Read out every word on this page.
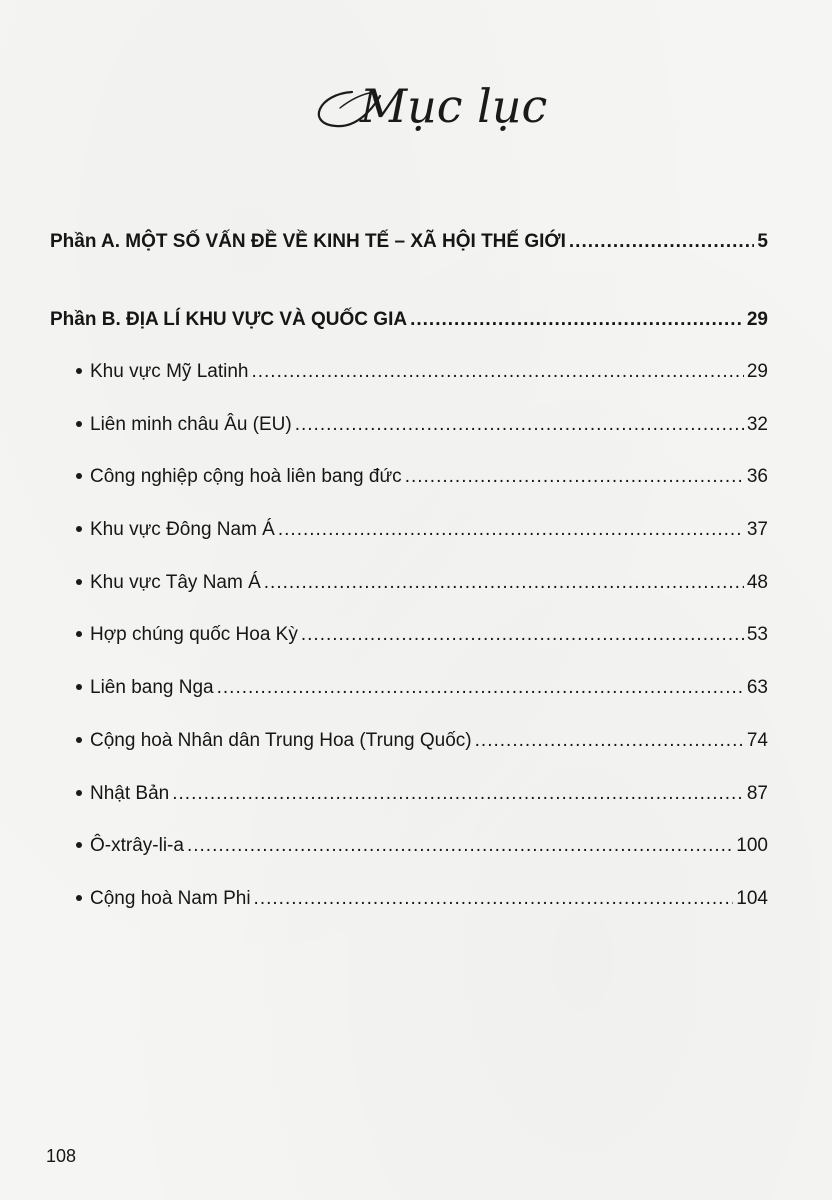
Mục lục
Phần A. MỘT SỐ VẤN ĐỀ VỀ KINH TẾ – XÃ HỘI THẾ GIỚI .....	5
Phần B. ĐỊA LÍ KHU VỰC VÀ QUỐC GIA .....	29
Khu vực Mỹ Latinh .....	29
Liên minh châu Âu (EU) .....	32
Công nghiệp cộng hoà liên bang đức .....	36
Khu vực Đông Nam Á .....	37
Khu vực Tây Nam Á .....	48
Hợp chúng quốc Hoa Kỳ .....	53
Liên bang Nga .....	63
Cộng hoà Nhân dân Trung Hoa (Trung Quốc) .....	74
Nhật Bản .....	87
Ô-xtrây-li-a .....	100
Cộng hoà Nam Phi .....	104
108
